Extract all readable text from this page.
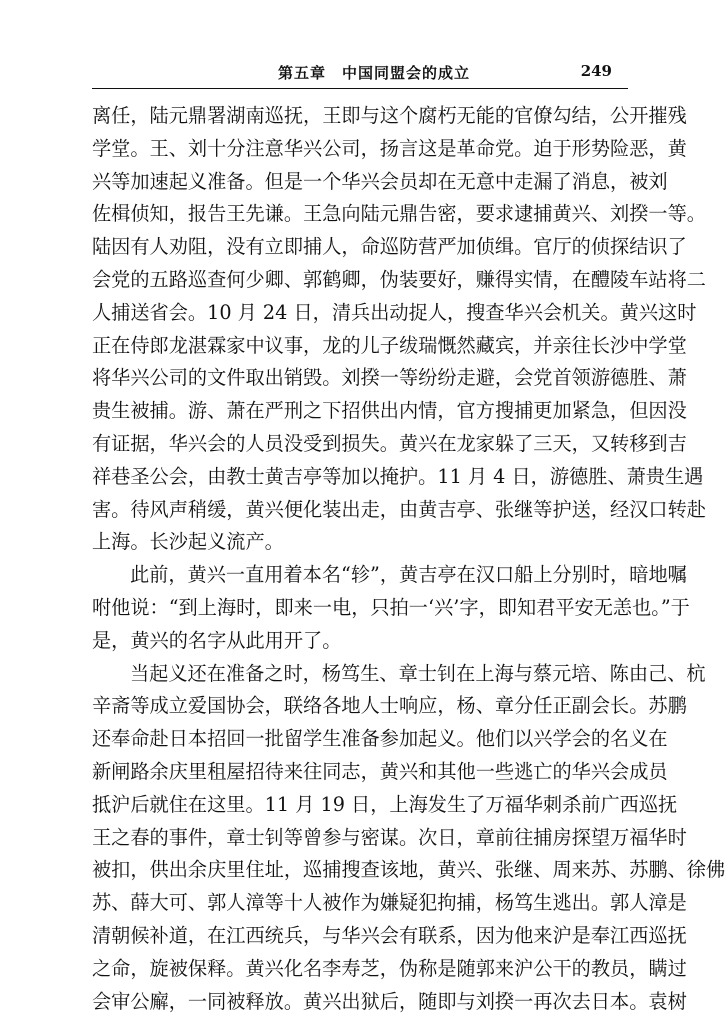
第五章　中国同盟会的成立	249
离任，陆元鼎署湖南巡抚，王即与这个腐朽无能的官僚勾结，公开摧残
学堂。王、刘十分注意华兴公司，扬言这是革命党。迫于形势险恶，黄
兴等加速起义准备。但是一个华兴会员却在无意中走漏了消息，被刘
佐楫侦知，报告王先谦。王急向陆元鼎告密，要求逮捕黄兴、刘揆一等。
陆因有人劝阻，没有立即捕人，命巡防营严加侦缉。官厅的侦探结识了
会党的五路巡查何少卿、郭鹤卿，伪装要好，赚得实情，在醴陵车站将二
人捕送省会。10 月 24 日，清兵出动捉人，搜查华兴会机关。黄兴这时
正在侍郎龙湛霖家中议事，龙的儿子绂瑞慨然藏宾，并亲往长沙中学堂
将华兴公司的文件取出销毁。刘揆一等纷纷走避，会党首领游德胜、萧
贵生被捕。游、萧在严刑之下招供出内情，官方搜捕更加紧急，但因没
有证据，华兴会的人员没受到损失。黄兴在龙家躲了三天，又转移到吉
祥巷圣公会，由教士黄吉亭等加以掩护。11 月 4 日，游德胜、萧贵生遇
害。待风声稍缓，黄兴便化装出走，由黄吉亭、张继等护送，经汉口转赴
上海。长沙起义流产。
此前，黄兴一直用着本名“轸”，黄吉亭在汉口船上分别时，暗地嘱
咐他说：“到上海时，即来一电，只拍一‘兴’字，即知君平安无恙也。”于
是，黄兴的名字从此用开了。
当起义还在准备之时，杨笃生、章士钊在上海与蔡元培、陈由己、杭
辛斋等成立爱国协会，联络各地人士响应，杨、章分任正副会长。苏鹏
还奉命赴日本招回一批留学生准备参加起义。他们以兴学会的名义在
新闸路余庆里租屋招待来往同志，黄兴和其他一些逃亡的华兴会成员
抵沪后就住在这里。11 月 19 日，上海发生了万福华刺杀前广西巡抚
王之春的事件，章士钊等曾参与密谋。次日，章前往捕房探望万福华时
被扣，供出余庆里住址，巡捕搜查该地，黄兴、张继、周来苏、苏鹏、徐佛
苏、薛大可、郭人漳等十人被作为嫌疑犯拘捕，杨笃生逃出。郭人漳是
清朝候补道，在江西统兵，与华兴会有联系，因为他来沪是奉江西巡抚
之命，旋被保释。黄兴化名李寿芝，伪称是随郭来沪公干的教员，瞒过
会审公廨，一同被释放。黄兴出狱后，随即与刘揆一再次去日本。袁树
